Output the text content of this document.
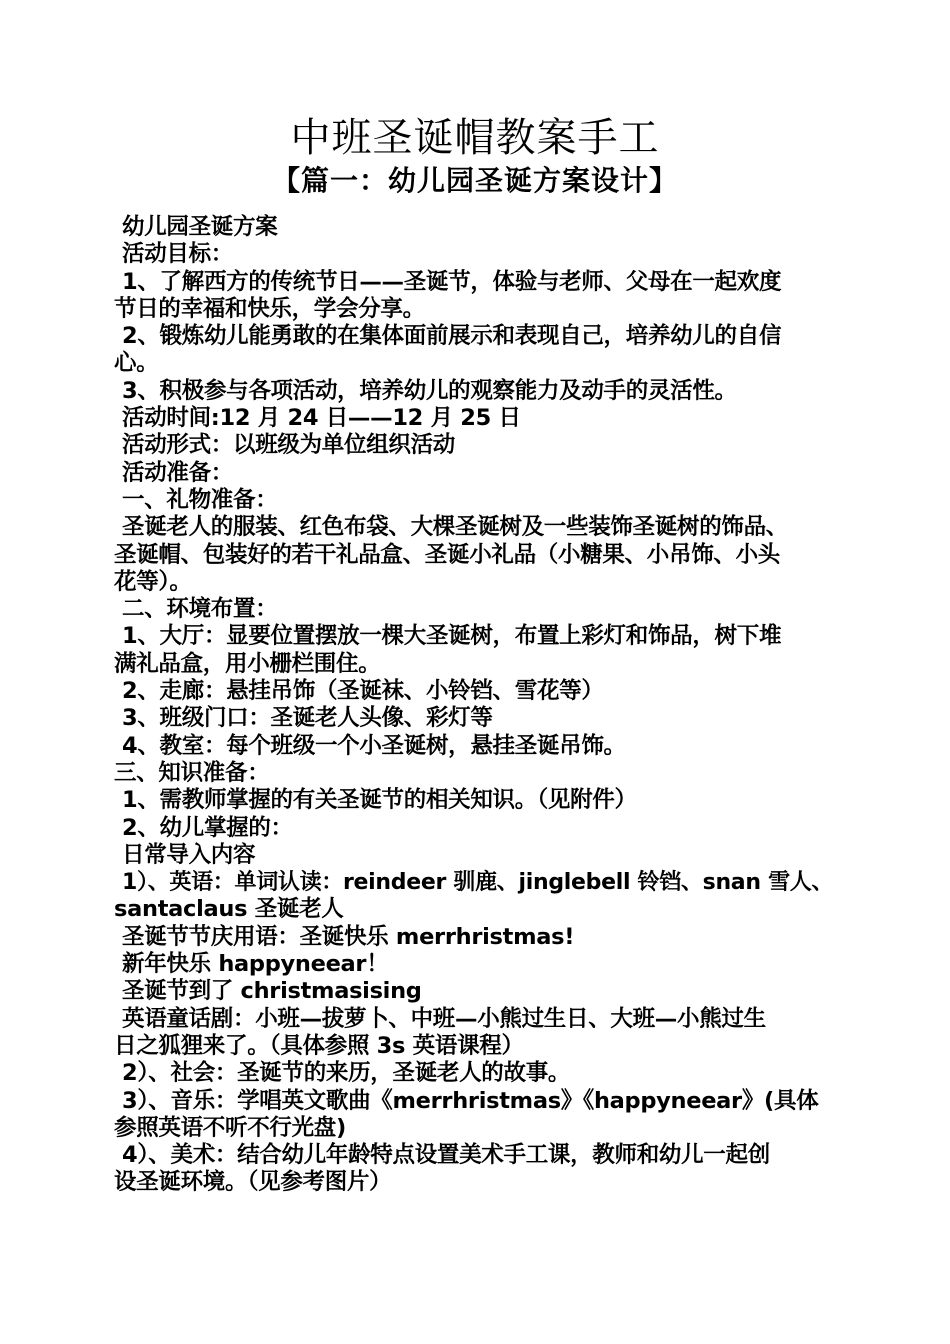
中班圣诞帽教案手工
【篇一：幼儿园圣诞方案设计】
幼儿园圣诞方案
活动目标：
1、了解西方的传统节日——圣诞节，体验与老师、父母在一起欢度
节日的幸福和快乐，学会分享。
2、锻炼幼儿能勇敢的在集体面前展示和表现自己，培养幼儿的自信
心。
3、积极参与各项活动，培养幼儿的观察能力及动手的灵活性。
活动时间:12 月 24 日——12 月 25 日
活动形式：以班级为单位组织活动
活动准备：
一、礼物准备：
圣诞老人的服装、红色布袋、大棵圣诞树及一些装饰圣诞树的饰品、
圣诞帽、包装好的若干礼品盒、圣诞小礼品（小糖果、小吊饰、小头
花等）。
二、环境布置：
1、大厅：显要位置摆放一棵大圣诞树，布置上彩灯和饰品，树下堆
满礼品盒，用小栅栏围住。
2、走廊：悬挂吊饰（圣诞袜、小铃铛、雪花等）
3、班级门口：圣诞老人头像、彩灯等
4、教室：每个班级一个小圣诞树，悬挂圣诞吊饰。
三、知识准备：
1、需教师掌握的有关圣诞节的相关知识。（见附件）
2、幼儿掌握的：
日常导入内容
1）、英语：单词认读：reindeer 驯鹿、jinglebell 铃铛、snan 雪人、
santaclaus 圣诞老人
圣诞节节庆用语：圣诞快乐 merrhristmas!
新年快乐 happyneear！
圣诞节到了 christmasising
英语童话剧：小班—拔萝卜、中班—小熊过生日、大班—小熊过生
日之狐狸来了。（具体参照 3s 英语课程）
2）、社会：圣诞节的来历，圣诞老人的故事。
3）、音乐：学唱英文歌曲《merrhristmas》《happyneear》(具体
参照英语不听不行光盘)
4）、美术：结合幼儿年龄特点设置美术手工课，教师和幼儿一起创
设圣诞环境。（见参考图片）
